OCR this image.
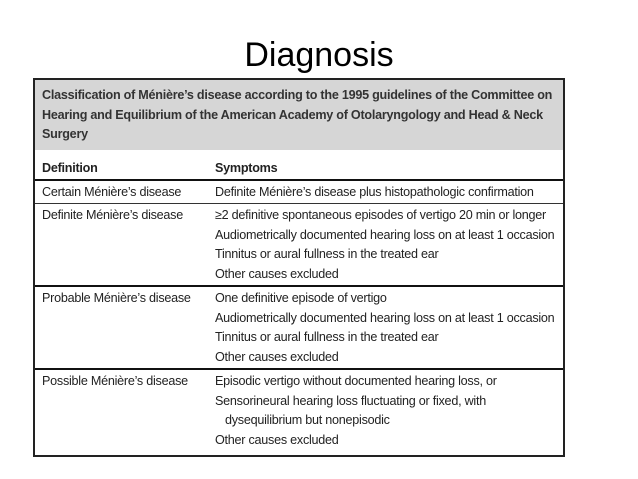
Diagnosis
Classification of Ménière’s disease according to the 1995 guidelines of the Committee on Hearing and Equilibrium of the American Academy of Otolaryngology and Head & Neck Surgery
Definition	Symptoms
Certain Ménière’s disease	Definite Ménière’s disease plus histopathologic confirmation
Definite Ménière’s disease	≥2 definitive spontaneous episodes of vertigo 20 min or longer
Audiometrically documented hearing loss on at least 1 occasion
Tinnitus or aural fullness in the treated ear
Other causes excluded
Probable Ménière’s disease	One definitive episode of vertigo
Audiometrically documented hearing loss on at least 1 occasion
Tinnitus or aural fullness in the treated ear
Other causes excluded
Possible Ménière’s disease	Episodic vertigo without documented hearing loss, or
Sensorineural hearing loss fluctuating or fixed, with
dysequilibrium but nonepisodic
Other causes excluded
